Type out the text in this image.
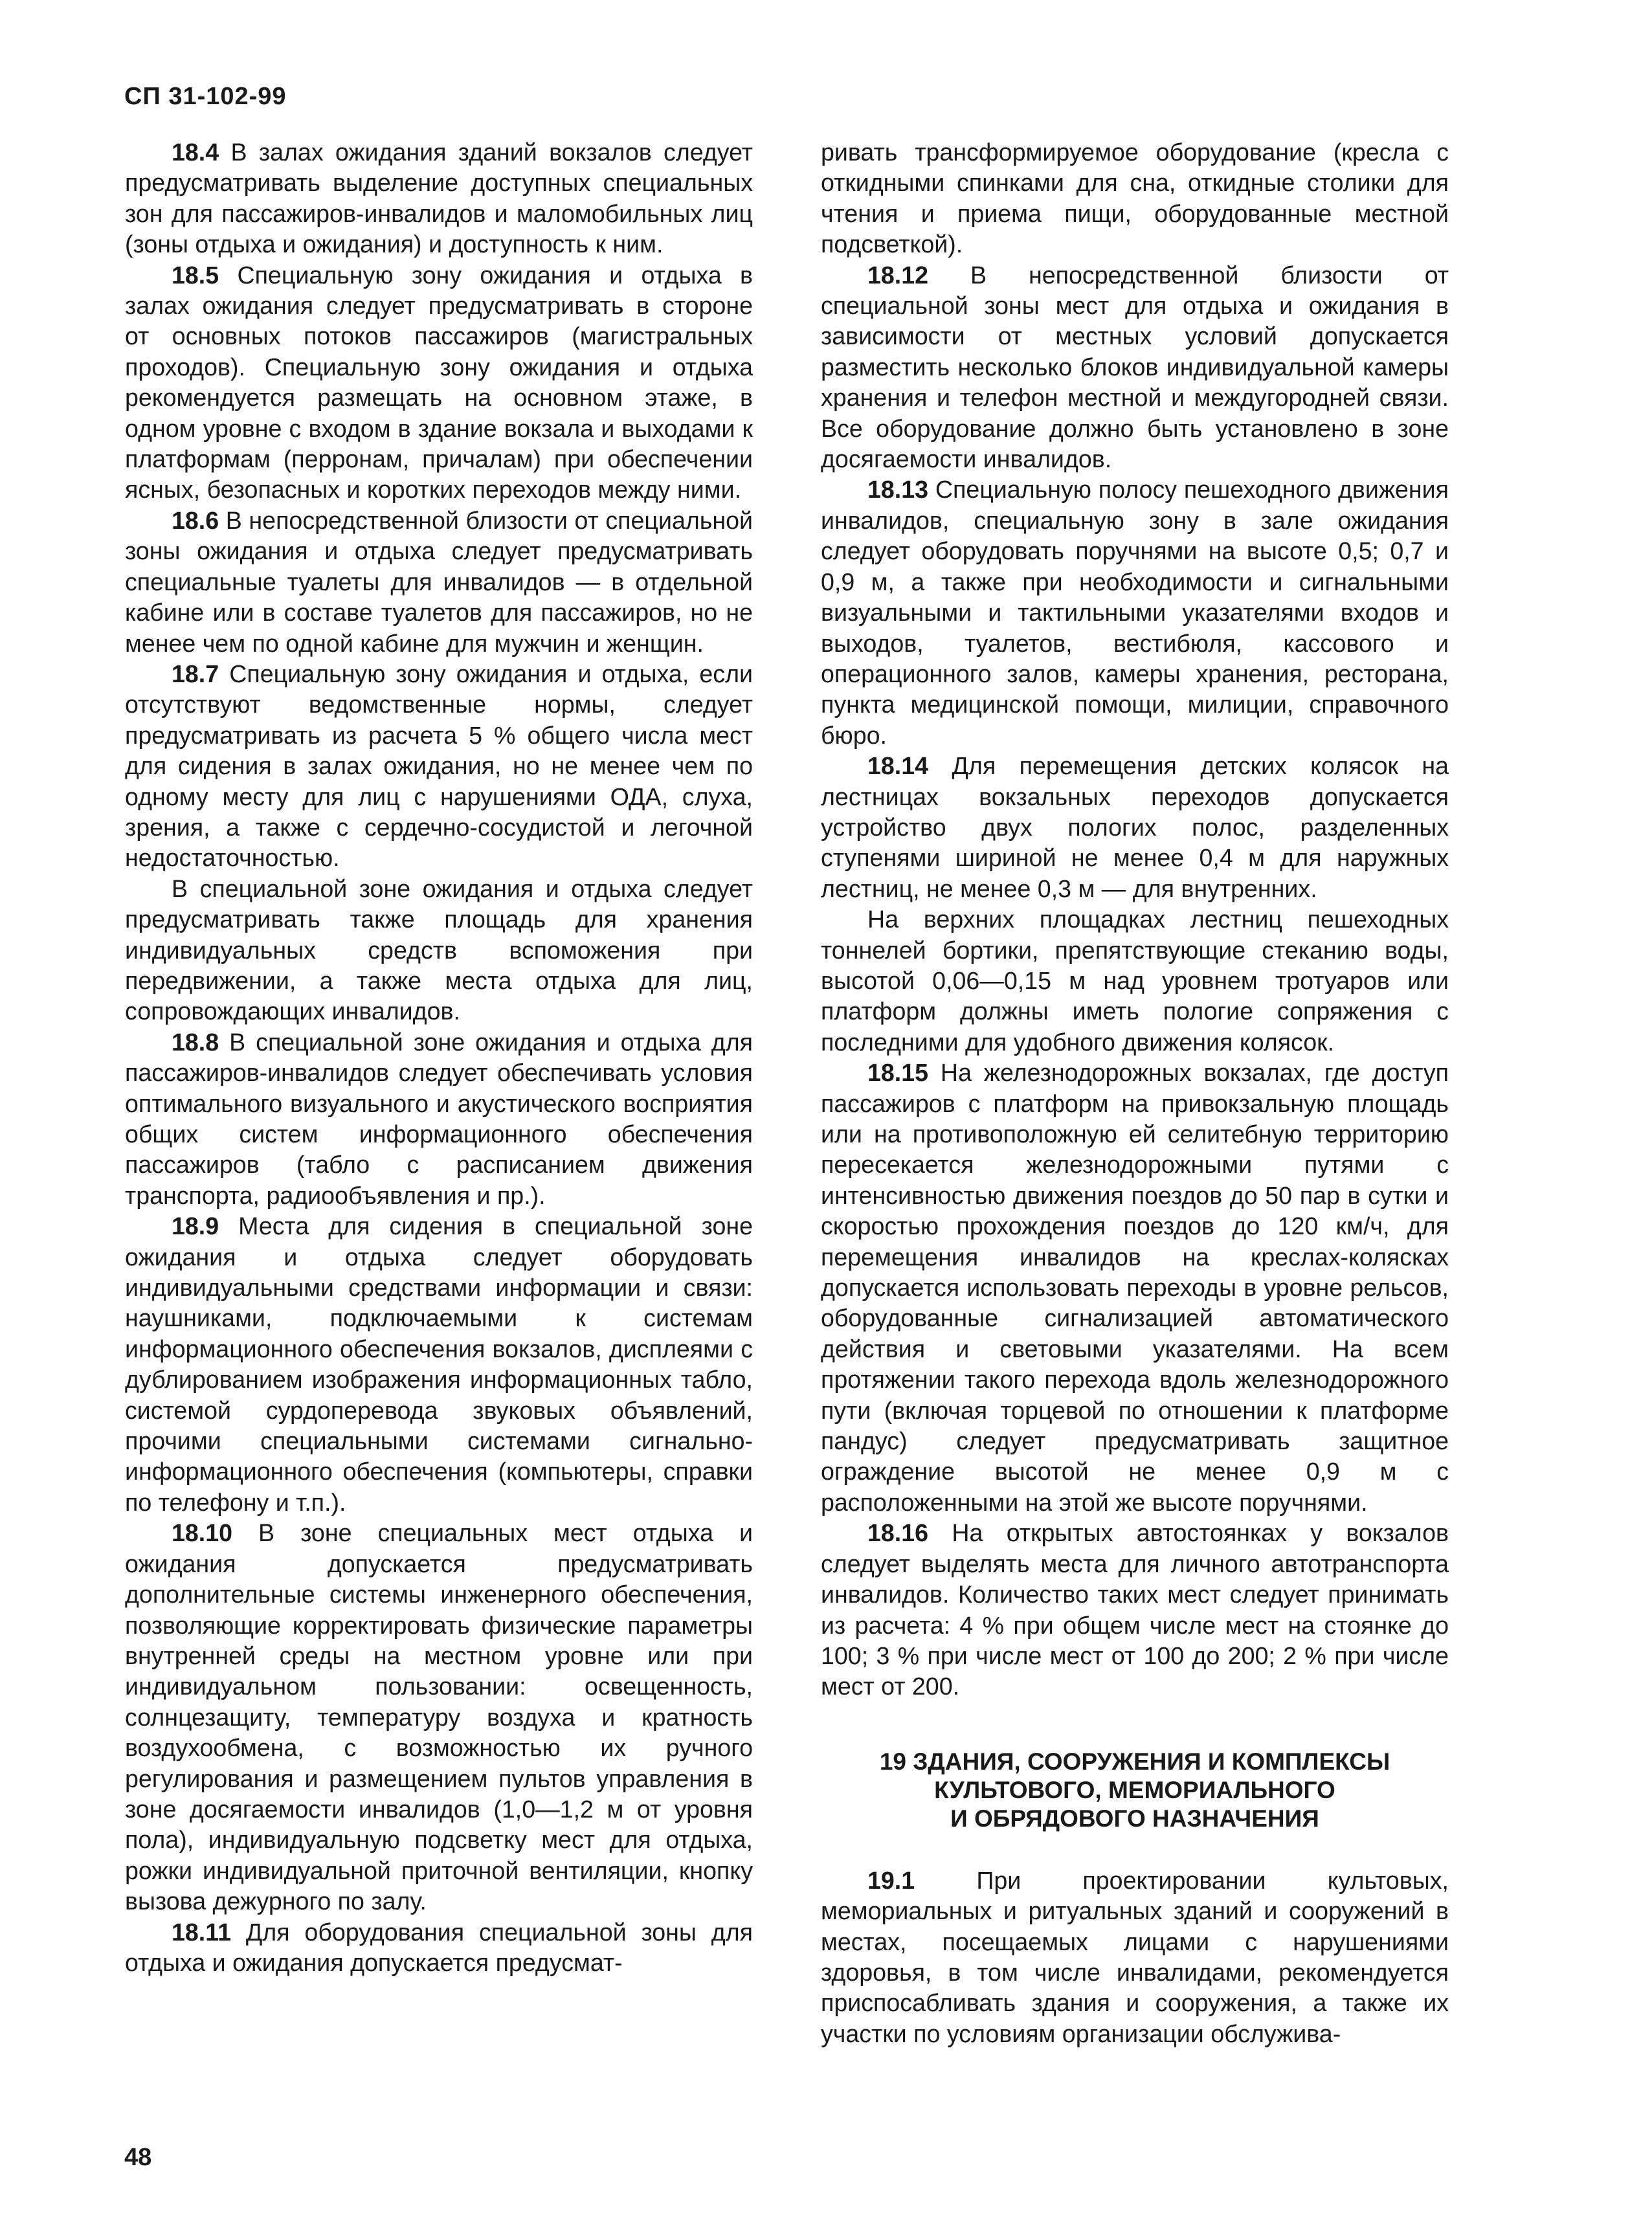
СП 31-102-99

18.4 В залах ожидания зданий вокзалов следует предусматривать выделение доступных специальных зон для пассажиров-инвалидов и маломобильных лиц (зоны отдыха и ожидания) и доступность к ним.

18.5 Специальную зону ожидания и отдыха в залах ожидания следует предусматривать в стороне от основных потоков пассажиров (магистральных проходов). Специальную зону ожидания и отдыха рекомендуется размещать на основном этаже, в одном уровне с входом в здание вокзала и выходами к платформам (перронам, причалам) при обеспечении ясных, безопасных и коротких переходов между ними.

18.6 В непосредственной близости от специальной зоны ожидания и отдыха следует предусматривать специальные туалеты для инвалидов — в отдельной кабине или в составе туалетов для пассажиров, но не менее чем по одной кабине для мужчин и женщин.

18.7 Специальную зону ожидания и отдыха, если отсутствуют ведомственные нормы, следует предусматривать из расчета 5 % общего числа мест для сидения в залах ожидания, но не менее чем по одному месту для лиц с нарушениями ОДА, слуха, зрения, а также с сердечно-сосудистой и легочной недостаточностью.

В специальной зоне ожидания и отдыха следует предусматривать также площадь для хранения индивидуальных средств вспоможения при передвижении, а также места отдыха для лиц, сопровождающих инвалидов.

18.8 В специальной зоне ожидания и отдыха для пассажиров-инвалидов следует обеспечивать условия оптимального визуального и акустического восприятия общих систем информационного обеспечения пассажиров (табло с расписанием движения транспорта, радиообъявления и пр.).

18.9 Места для сидения в специальной зоне ожидания и отдыха следует оборудовать индивидуальными средствами информации и связи: наушниками, подключаемыми к системам информационного обеспечения вокзалов, дисплеями с дублированием изображения информационных табло, системой сурдоперевода звуковых объявлений, прочими специальными системами сигнально-информационного обеспечения (компьютеры, справки по телефону и т.п.).

18.10 В зоне специальных мест отдыха и ожидания допускается предусматривать дополнительные системы инженерного обеспечения, позволяющие корректировать физические параметры внутренней среды на местном уровне или при индивидуальном пользовании: освещенность, солнцезащиту, температуру воздуха и кратность воздухообмена, с возможностью их ручного регулирования и размещением пультов управления в зоне досягаемости инвалидов (1,0—1,2 м от уровня пола), индивидуальную подсветку мест для отдыха, рожки индивидуальной приточной вентиляции, кнопку вызова дежурного по залу.

18.11 Для оборудования специальной зоны для отдыха и ожидания допускается предусмат-

ривать трансформируемое оборудование (кресла с откидными спинками для сна, откидные столики для чтения и приема пищи, оборудованные местной подсветкой).

18.12 В непосредственной близости от специальной зоны мест для отдыха и ожидания в зависимости от местных условий допускается разместить несколько блоков индивидуальной камеры хранения и телефон местной и междугородней связи. Все оборудование должно быть установлено в зоне досягаемости инвалидов.

18.13 Специальную полосу пешеходного движения инвалидов, специальную зону в зале ожидания следует оборудовать поручнями на высоте 0,5; 0,7 и 0,9 м, а также при необходимости и сигнальными визуальными и тактильными указателями входов и выходов, туалетов, вестибюля, кассового и операционного залов, камеры хранения, ресторана, пункта медицинской помощи, милиции, справочного бюро.

18.14 Для перемещения детских колясок на лестницах вокзальных переходов допускается устройство двух пологих полос, разделенных ступенями шириной не менее 0,4 м для наружных лестниц, не менее 0,3 м — для внутренних.

На верхних площадках лестниц пешеходных тоннелей бортики, препятствующие стеканию воды, высотой 0,06—0,15 м над уровнем тротуаров или платформ должны иметь пологие сопряжения с последними для удобного движения колясок.

18.15 На железнодорожных вокзалах, где доступ пассажиров с платформ на привокзальную площадь или на противоположную ей селитебную территорию пересекается железнодорожными путями с интенсивностью движения поездов до 50 пар в сутки и скоростью прохождения поездов до 120 км/ч, для перемещения инвалидов на креслах-колясках допускается использовать переходы в уровне рельсов, оборудованные сигнализацией автоматического действия и световыми указателями. На всем протяжении такого перехода вдоль железнодорожного пути (включая торцевой по отношении к платформе пандус) следует предусматривать защитное ограждение высотой не менее 0,9 м с расположенными на этой же высоте поручнями.

18.16 На открытых автостоянках у вокзалов следует выделять места для личного автотранспорта инвалидов. Количество таких мест следует принимать из расчета: 4 % при общем числе мест на стоянке до 100; 3 % при числе мест от 100 до 200; 2 % при числе мест от 200.

19 ЗДАНИЯ, СООРУЖЕНИЯ И КОМПЛЕКСЫ
КУЛЬТОВОГО, МЕМОРИАЛЬНОГО
И ОБРЯДОВОГО НАЗНАЧЕНИЯ

19.1 При проектировании культовых, мемориальных и ритуальных зданий и сооружений в местах, посещаемых лицами с нарушениями здоровья, в том числе инвалидами, рекомендуется приспосабливать здания и сооружения, а также их участки по условиям организации обслужива-

48
